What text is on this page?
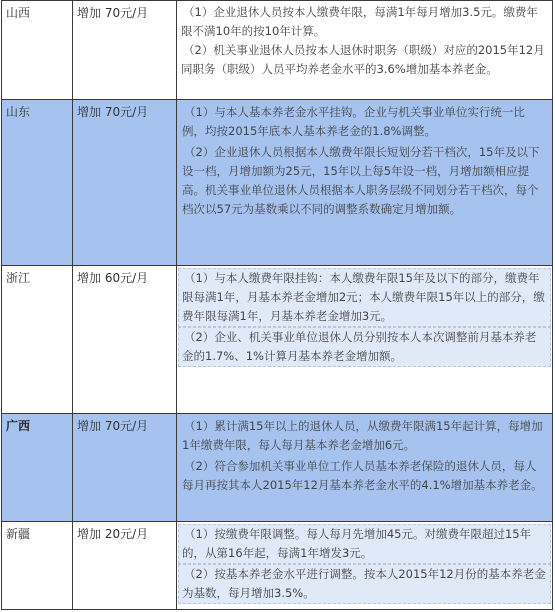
山西	增加 70元/月	（1）企业退休人员按本人缴费年限，每满1年每月增加3.5元。缴费年限不满10年的按10年计算。

（2）机关事业退休人员按本人退休时职务（职级）对应的2015年12月同职务（职级）人员平均养老金水平的3.6%增加基本养老金。

山东	增加 70元/月	（1）与本人基本养老金水平挂钩。企业与机关事业单位实行统一比例，均按2015年底本人基本养老金的1.8%调整。

（2）企业退休人员根据本人缴费年限长短划分若干档次，15年及以下设一档，月增加额为25元，15年以上每5年设一档，月增加额相应提高。机关事业单位退休人员根据本人职务层级不同划分若干档次，每个档次以57元为基数乘以不同的调整系数确定月增加额。

浙江	增加 60元/月	（1）与本人缴费年限挂钩：本人缴费年限15年及以下的部分，缴费年限每满1年，月基本养老金增加2元；本人缴费年限15年以上的部分，缴费年限每满1年，月基本养老金增加3元。

（2）企业、机关事业单位退休人员分别按本人本次调整前月基本养老金的1.7%、1%计算月基本养老金增加额。

广西	增加 70元/月	（1）累计满15年以上的退休人员，从缴费年限满15年起计算，每增加1年缴费年限，每人每月基本养老金增加6元。

（2）符合参加机关事业单位工作人员基本养老保险的退休人员，每人每月再按其本人2015年12月基本养老金水平的4.1%增加基本养老金。

新疆	增加 20元/月	（1）按缴费年限调整。每人每月先增加45元。对缴费年限超过15年的，从第16年起，每满1年增发3元。

（2）按基本养老金水平进行调整。按本人2015年12月份的基本养老金为基数，每月增加3.5%。
